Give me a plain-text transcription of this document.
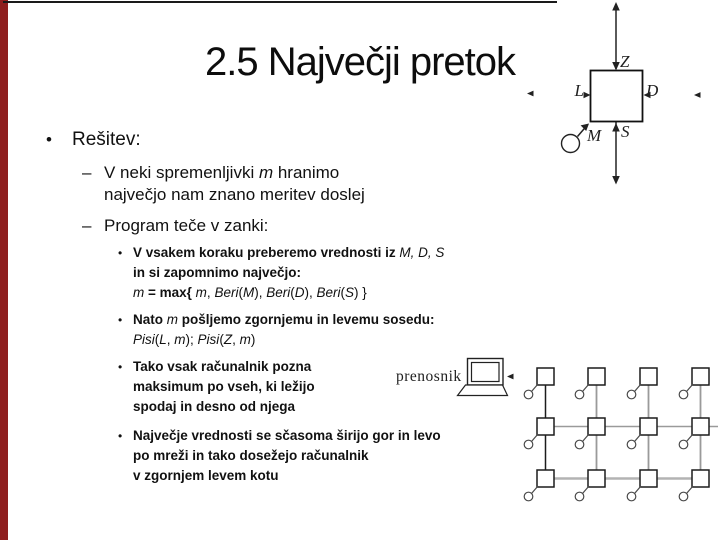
2.5 Največji pretok
•	Rešitev:
– V neki spremenljivki m hranimo
največjo nam znano meritev doslej
– Program teče v zanki:
• V vsakem koraku preberemo vrednosti iz M, D, S
in si zapomnimo največjo:
m = max{ m, Beri(M), Beri(D), Beri(S) }
• Nato m pošljemo zgornjemu in levemu sosedu:
Pisi(L, m); Pisi(Z, m)
• Tako vsak računalnik pozna
maksimum po vseh, ki ležijo
spodaj in desno od njega
• Največje vrednosti se sčasoma širijo gor in levo
po mreži in tako dosežejo računalnik
v zgornjem levem kotu
Z
L	D
S
M
prenosnik
